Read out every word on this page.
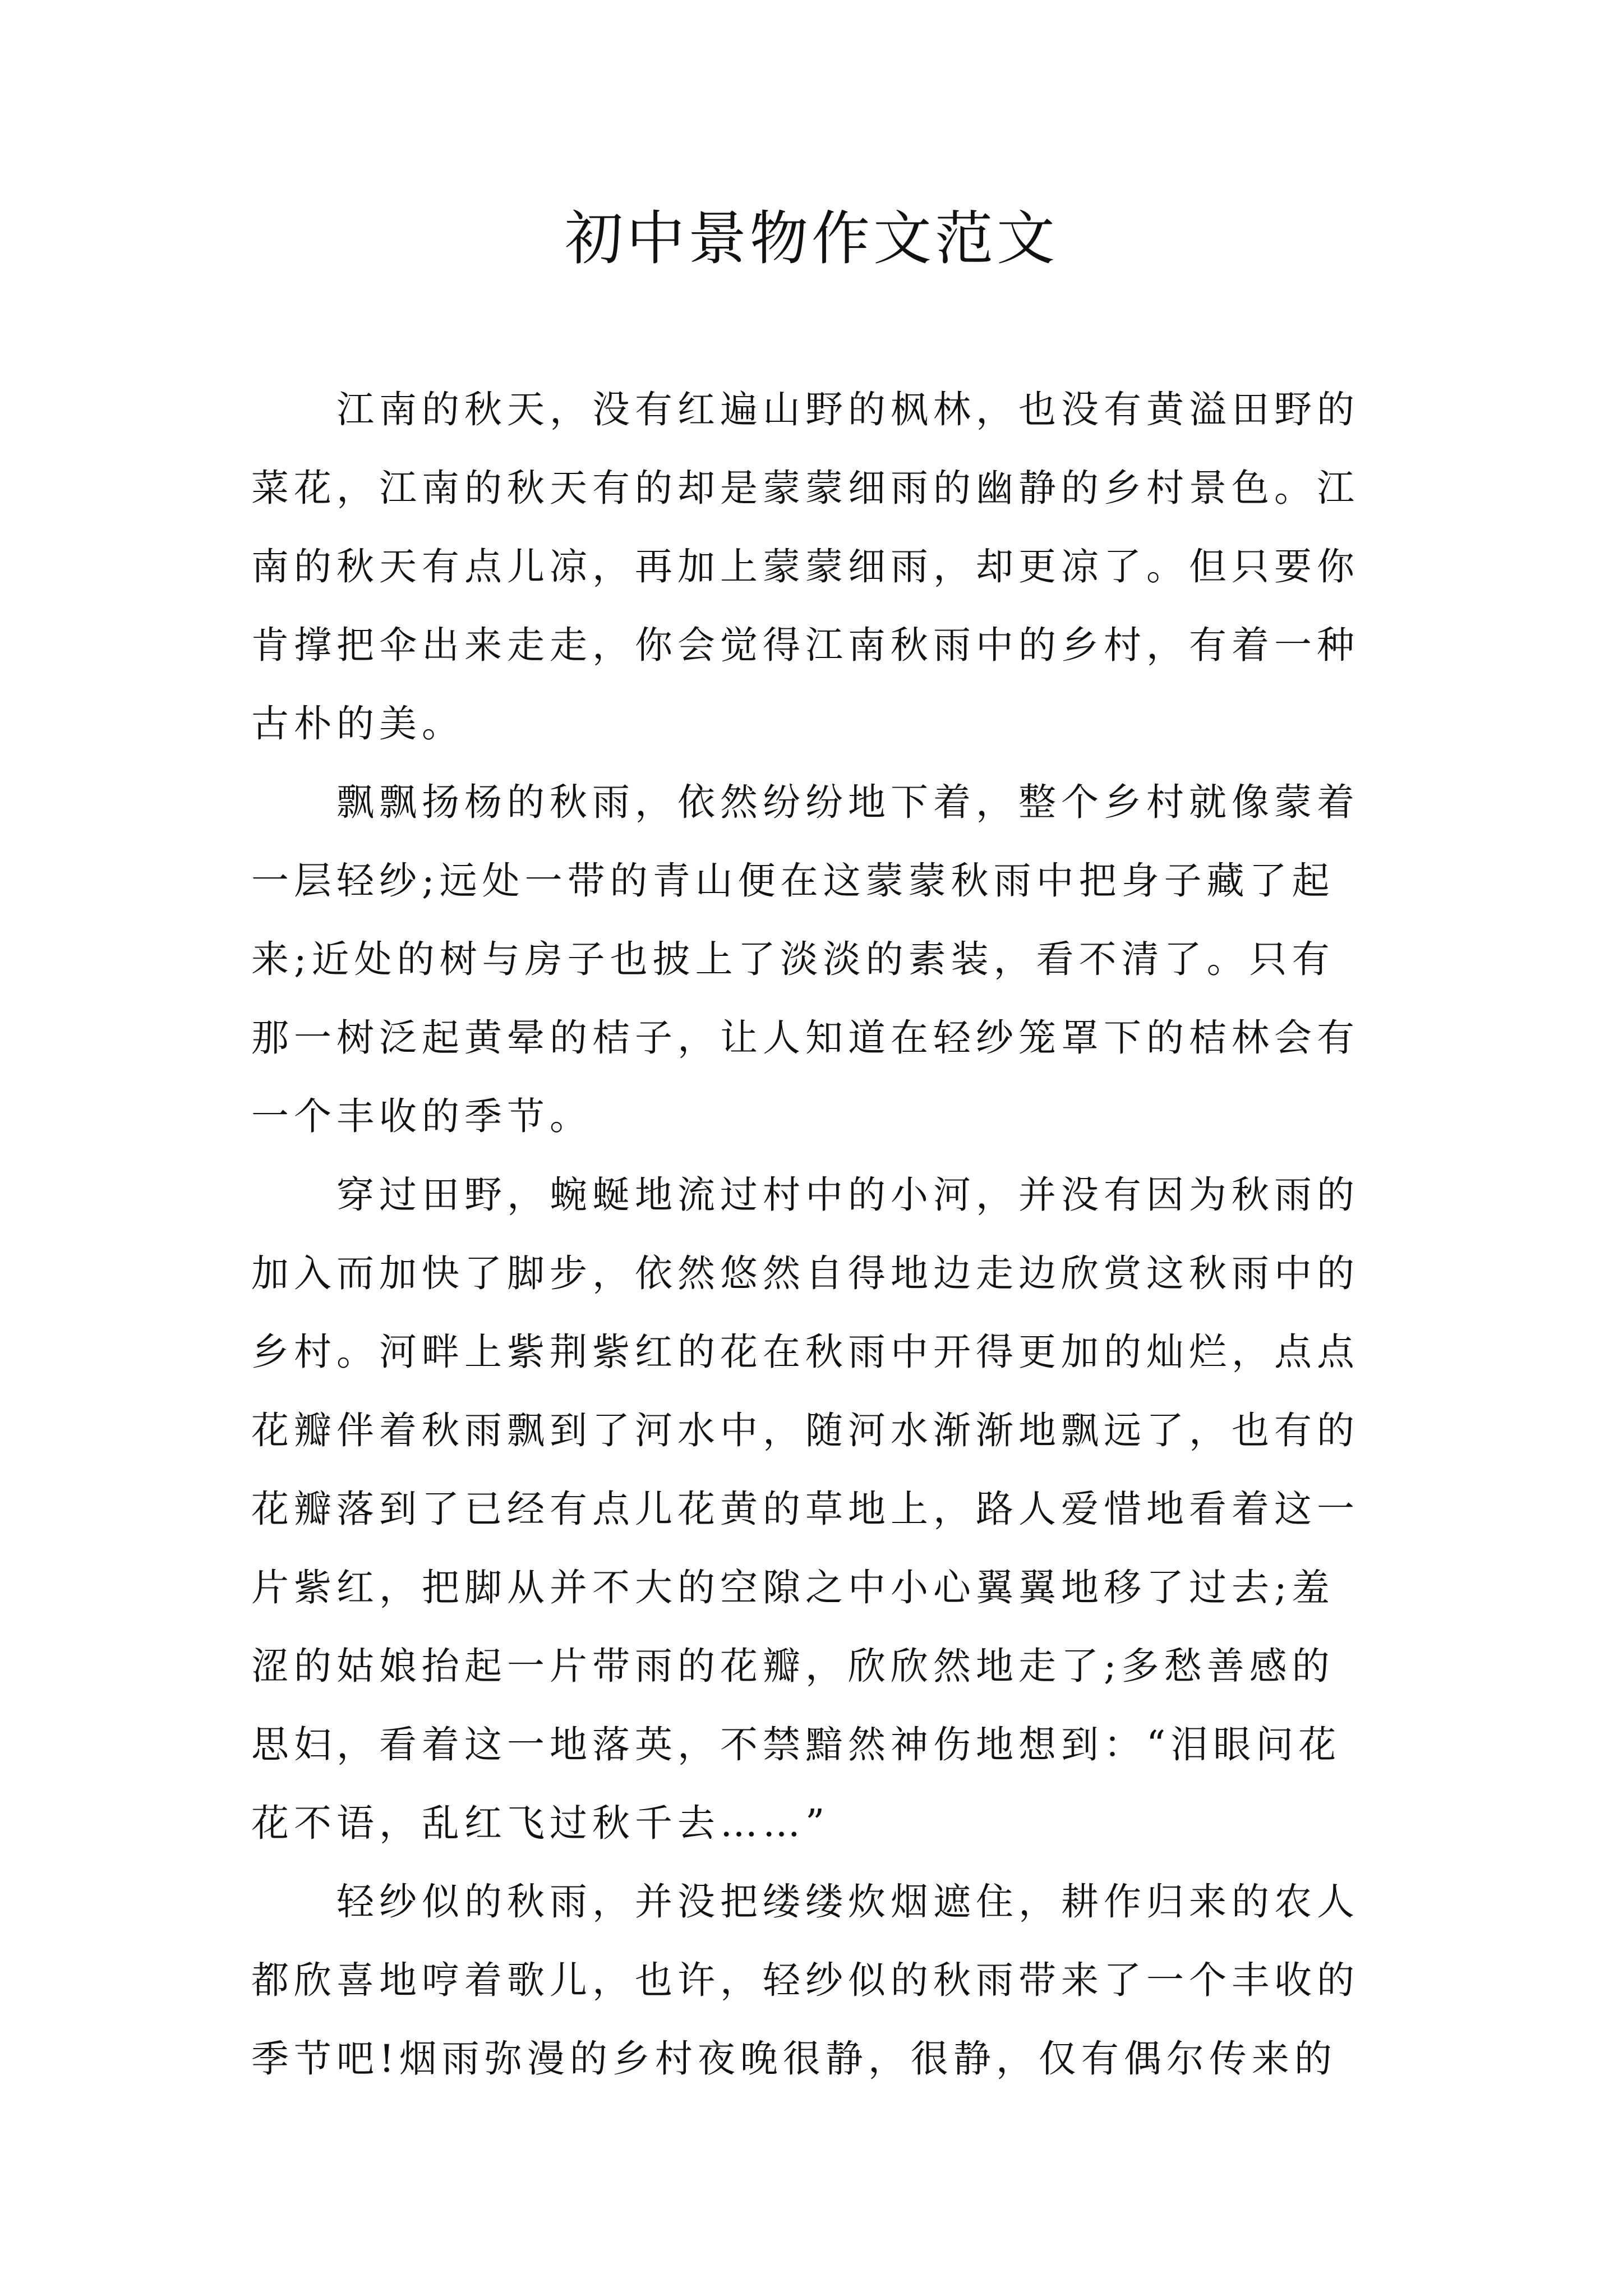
初中景物作文范文
江南的秋天，没有红遍山野的枫林，也没有黄溢田野的
菜花，江南的秋天有的却是蒙蒙细雨的幽静的乡村景色。江
南的秋天有点儿凉，再加上蒙蒙细雨，却更凉了。但只要你
肯撑把伞出来走走，你会觉得江南秋雨中的乡村，有着一种
古朴的美。
飘飘扬杨的秋雨，依然纷纷地下着，整个乡村就像蒙着
一层轻纱;远处一带的青山便在这蒙蒙秋雨中把身子藏了起
来;近处的树与房子也披上了淡淡的素装，看不清了。只有
那一树泛起黄晕的桔子，让人知道在轻纱笼罩下的桔林会有
一个丰收的季节。
穿过田野，蜿蜒地流过村中的小河，并没有因为秋雨的
加入而加快了脚步，依然悠然自得地边走边欣赏这秋雨中的
乡村。河畔上紫荆紫红的花在秋雨中开得更加的灿烂，点点
花瓣伴着秋雨飘到了河水中，随河水渐渐地飘远了，也有的
花瓣落到了已经有点儿花黄的草地上，路人爱惜地看着这一
片紫红，把脚从并不大的空隙之中小心翼翼地移了过去;羞
涩的姑娘抬起一片带雨的花瓣，欣欣然地走了;多愁善感的
思妇，看着这一地落英，不禁黯然神伤地想到：“泪眼问花
花不语，乱红飞过秋千去……”
轻纱似的秋雨，并没把缕缕炊烟遮住，耕作归来的农人
都欣喜地哼着歌儿，也许，轻纱似的秋雨带来了一个丰收的
季节吧!烟雨弥漫的乡村夜晚很静，很静，仅有偶尔传来的
